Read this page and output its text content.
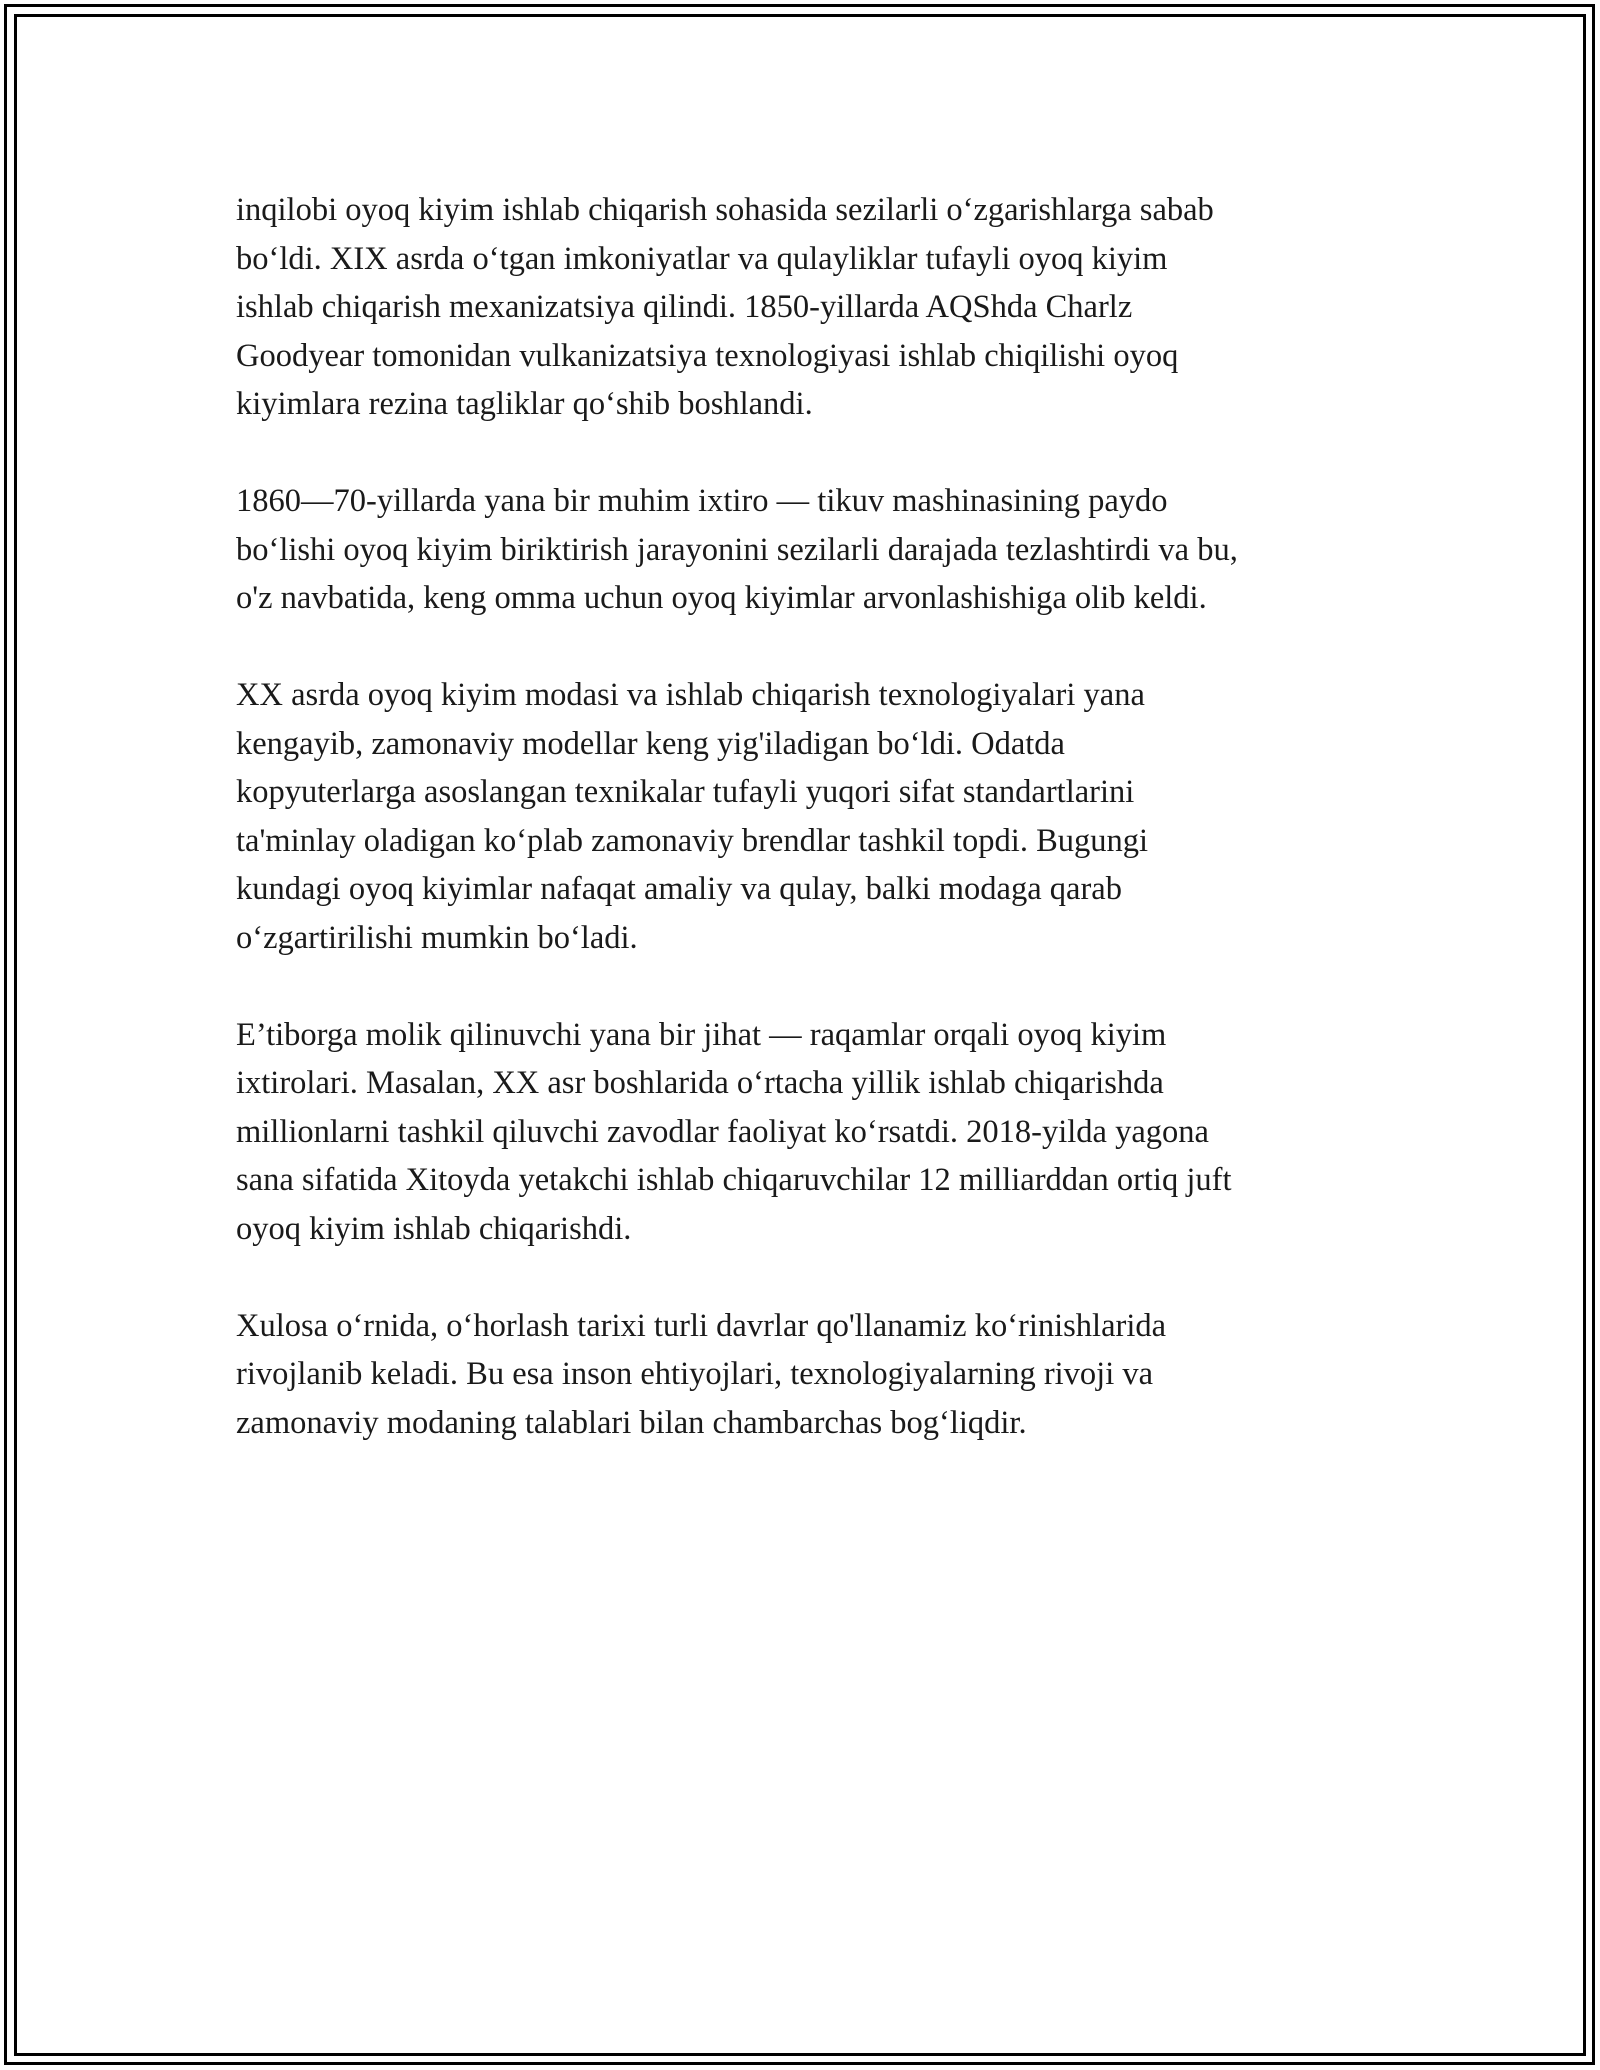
inqilobi oyoq kiyim ishlab chiqarish sohasida sezilarli o‘zgarishlarga sabab
bo‘ldi. XIX asrda o‘tgan imkoniyatlar va qulayliklar tufayli oyoq kiyim
ishlab chiqarish mexanizatsiya qilindi. 1850-yillarda AQShda Charlz
Goodyear tomonidan vulkanizatsiya texnologiyasi ishlab chiqilishi oyoq
kiyimlara rezina tagliklar qo‘shib boshlandi.

1860—70-yillarda yana bir muhim ixtiro — tikuv mashinasining paydo
bo‘lishi oyoq kiyim biriktirish jarayonini sezilarli darajada tezlashtirdi va bu,
o'z navbatida, keng omma uchun oyoq kiyimlar arvonlashishiga olib keldi.

XX asrda oyoq kiyim modasi va ishlab chiqarish texnologiyalari yana
kengayib, zamonaviy modellar keng yig'iladigan bo‘ldi. Odatda
kopyuterlarga asoslangan texnikalar tufayli yuqori sifat standartlarini
ta'minlay oladigan ko‘plab zamonaviy brendlar tashkil topdi. Bugungi
kundagi oyoq kiyimlar nafaqat amaliy va qulay, balki modaga qarab
o‘zgartirilishi mumkin bo‘ladi.

E’tiborga molik qilinuvchi yana bir jihat — raqamlar orqali oyoq kiyim
ixtirolari. Masalan, XX asr boshlarida o‘rtacha yillik ishlab chiqarishda
millionlarni tashkil qiluvchi zavodlar faoliyat ko‘rsatdi. 2018-yilda yagona
sana sifatida Xitoyda yetakchi ishlab chiqaruvchilar 12 milliarddan ortiq juft
oyoq kiyim ishlab chiqarishdi.

Xulosa o‘rnida, o‘horlash tarixi turli davrlar qo'llanamiz ko‘rinishlarida
rivojlanib keladi. Bu esa inson ehtiyojlari, texnologiyalarning rivoji va
zamonaviy modaning talablari bilan chambarchas bog‘liqdir.
